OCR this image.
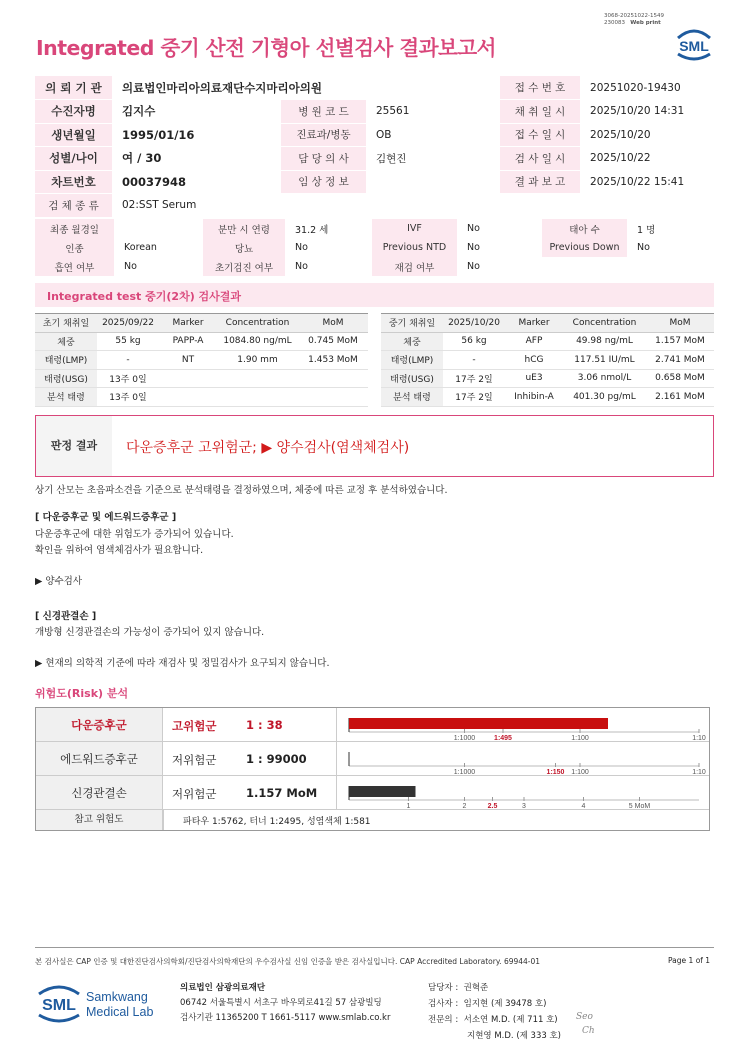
3068-20251022-1549
230083 Web print
Integrated 중기 산전 기형아 선별검사 결과보고서	SML
의 뢰 기 관	의료법인마리아의료재단수지마리아의원			접 수 번 호	20251020-19430
수진자명	김지수	병 원 코 드	25561	채 취 일 시	2025/10/20 14:31
생년월일	1995/01/16	진료과/병동	OB	접 수 일 시	2025/10/20
성별/나이	여 / 30	담 당 의 사	김현진	검 사 일 시	2025/10/22
차트번호	00037948	임 상 정 보		결 과 보 고	2025/10/22 15:41
검 체 종 류	02:SST Serum				
최종 월경일		분만 시 연령	31.2 세	IVF	No	태아 수	1 명
인종	Korean	당뇨	No	Previous NTD	No	Previous Down	No
흡연 여부	No	초기검진 여부	No	재검 여부	No		
Integrated test 중기(2차) 검사결과
초기 채취일	2025/09/22	Marker	Concentration	MoM
체중	55 kg	PAPP-A	1084.80 ng/mL	0.745 MoM
태령(LMP)	-	NT	1.90 mm	1.453 MoM
태령(USG)	13주 0일			
분석 태령	13주 0일			
중기 채취일	2025/10/20	Marker	Concentration	MoM
체중	56 kg	AFP	49.98 ng/mL	1.157 MoM
태령(LMP)	-	hCG	117.51 IU/mL	2.741 MoM
태령(USG)	17주 2일	uE3	3.06 nmol/L	0.658 MoM
분석 태령	17주 2일	Inhibin-A	401.30 pg/mL	2.161 MoM
판정 결과	다운증후군 고위험군; ▶ 양수검사(염색체검사)
상기 산모는 초음파소견을 기준으로 분석태령을 결정하였으며, 체중에 따른 교정 후 분석하였습니다.
[ 다운증후군 및 에드워드증후군 ]
다운증후군에 대한 위험도가 증가되어 있습니다.
확인을 위하여 염색체검사가 필요합니다.
▶ 양수검사
[ 신경관결손 ]
개방형 신경관결손의 가능성이 증가되어 있지 않습니다.
▶ 현재의 의학적 기준에 따라 재검사 및 정밀검사가 요구되지 않습니다.
위험도(Risk) 분석
다운증후군	고위험군	1 : 38
1:1000	1:495	1:100	1:10
에드워드증후군	저위험군	1 : 99000
1:1000	1:150 1:100	1:10
신경관결손	저위험군	1.157 MoM
1	2	2.5	3	4	5 MoM
참고 위험도	파타우 1:5762, 터너 1:2495, 성염색체 1:581
본 검사실은 CAP 인증 및 대한진단검사의학회/진단검사의학재단의 우수검사실 신임 인증을 받은 검사실입니다. CAP Accredited Laboratory. 69944-01	Page 1 of 1
SML Samkwang
Medical Lab
의료법인 삼광의료재단
06742 서울특별시 서초구 바우뫼로41길 57 삼광빌딩
검사기관 11365200 T 1661-5117 www.smlab.co.kr
담당자 : 권혁준
검사자 : 임지현 (제 39478 호)
전문의 : 서소연 M.D. (제 711 호)
지현영 M.D. (제 333 호)
Seo
Ch
